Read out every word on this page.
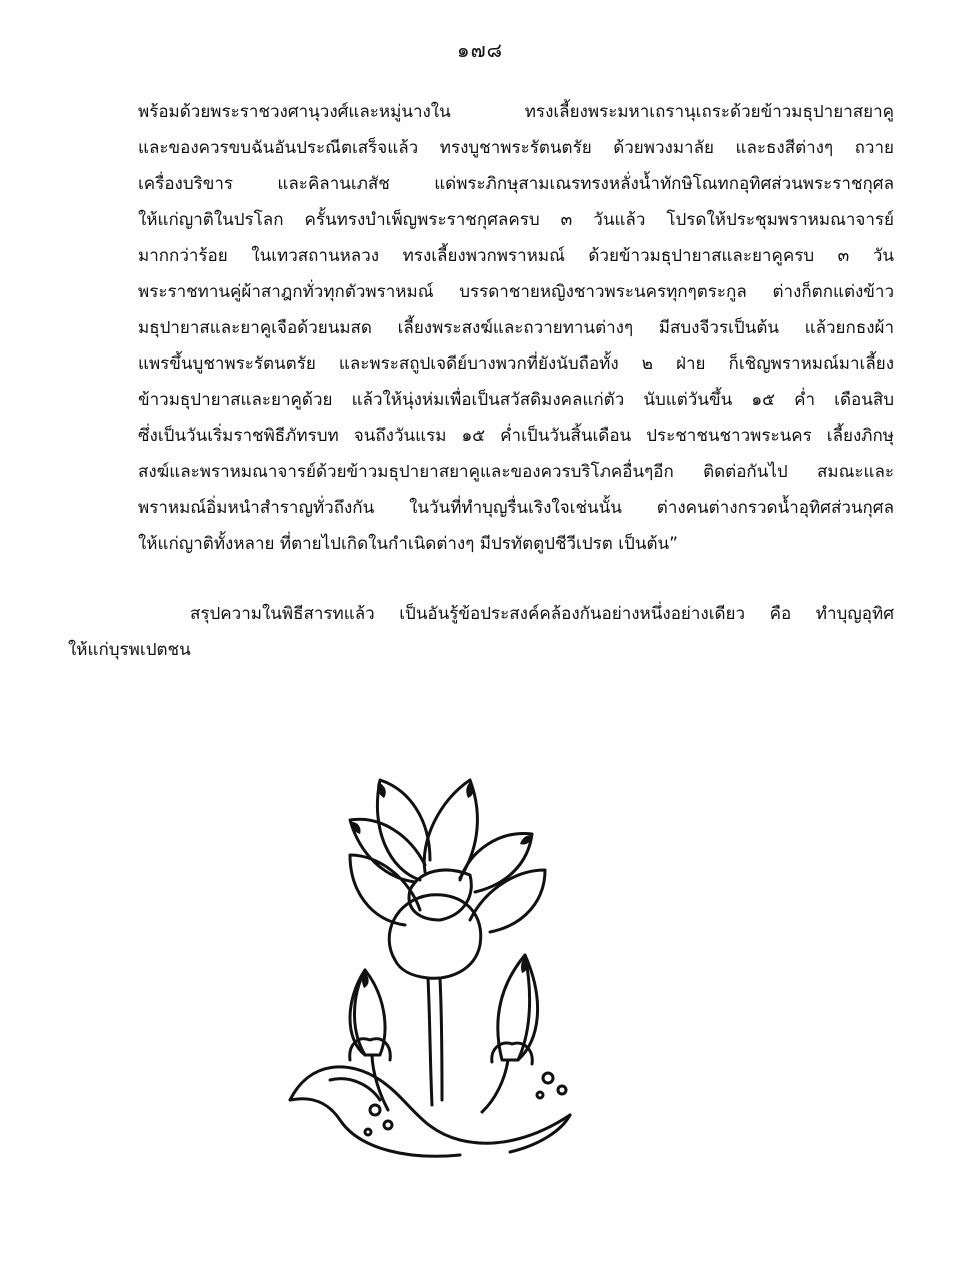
๑๗๘
พร้อมด้วยพระราชวงศานุวงศ์และหมู่นางใน ทรงเลี้ยงพระมหาเถรานุเถระด้วยข้าวมธุปายาสยาคู
และของควรขบฉันอันประณีตเสร็จแล้ว ทรงบูชาพระรัตนตรัย ด้วยพวงมาลัย และธงสีต่างๆ ถวาย
เครื่องบริขาร และคิลานเภสัช แด่พระภิกษุสามเณรทรงหลั่งน้ำทักษิโณทกอุทิศส่วนพระราชกุศล
ให้แก่ญาติในปรโลก ครั้นทรงบำเพ็ญพระราชกุศลครบ ๓ วันแล้ว โปรดให้ประชุมพราหมณาจารย์
มากกว่าร้อย ในเทวสถานหลวง ทรงเลี้ยงพวกพราหมณ์ ด้วยข้าวมธุปายาสและยาคูครบ ๓ วัน
พระราชทานคู่ผ้าสาฎกทั่วทุกตัวพราหมณ์ บรรดาชายหญิงชาวพระนครทุกๆตระกูล ต่างก็ตกแต่งข้าว
มธุปายาสและยาคูเจือด้วยนมสด เลี้ยงพระสงฆ์และถวายทานต่างๆ มีสบงจีวรเป็นต้น แล้วยกธงผ้า
แพรขึ้นบูชาพระรัตนตรัย และพระสถูปเจดีย์บางพวกที่ยังนับถือทั้ง ๒ ฝ่าย ก็เชิญพราหมณ์มาเลี้ยง
ข้าวมธุปายาสและยาคูด้วย แล้วให้นุ่งห่มเพื่อเป็นสวัสดิมงคลแก่ตัว นับแต่วันขึ้น ๑๕ ค่ำ เดือนสิบ
ซึ่งเป็นวันเริ่มราชพิธีภัทรบท จนถึงวันแรม ๑๕ ค่ำเป็นวันสิ้นเดือน ประชาชนชาวพระนคร เลี้ยงภิกษุ
สงฆ์และพราหมณาจารย์ด้วยข้าวมธุปายาสยาคูและของควรบริโภคอื่นๆอีก ติดต่อกันไป สมณะและ
พราหมณ์อิ่มหนำสำราญทั่วถึงกัน ในวันที่ทำบุญรื่นเริงใจเช่นนั้น ต่างคนต่างกรวดน้ำอุทิศส่วนกุศล
ให้แก่ญาติทั้งหลาย ที่ตายไปเกิดในกำเนิดต่างๆ มีปรทัตตูปชีวีเปรต เป็นต้น”
สรุปความในพิธีสารทแล้ว เป็นอันรู้ข้อประสงค์คล้องกันอย่างหนึ่งอย่างเดียว คือ ทำบุญอุทิศ
ให้แก่บุรพเปตชน
